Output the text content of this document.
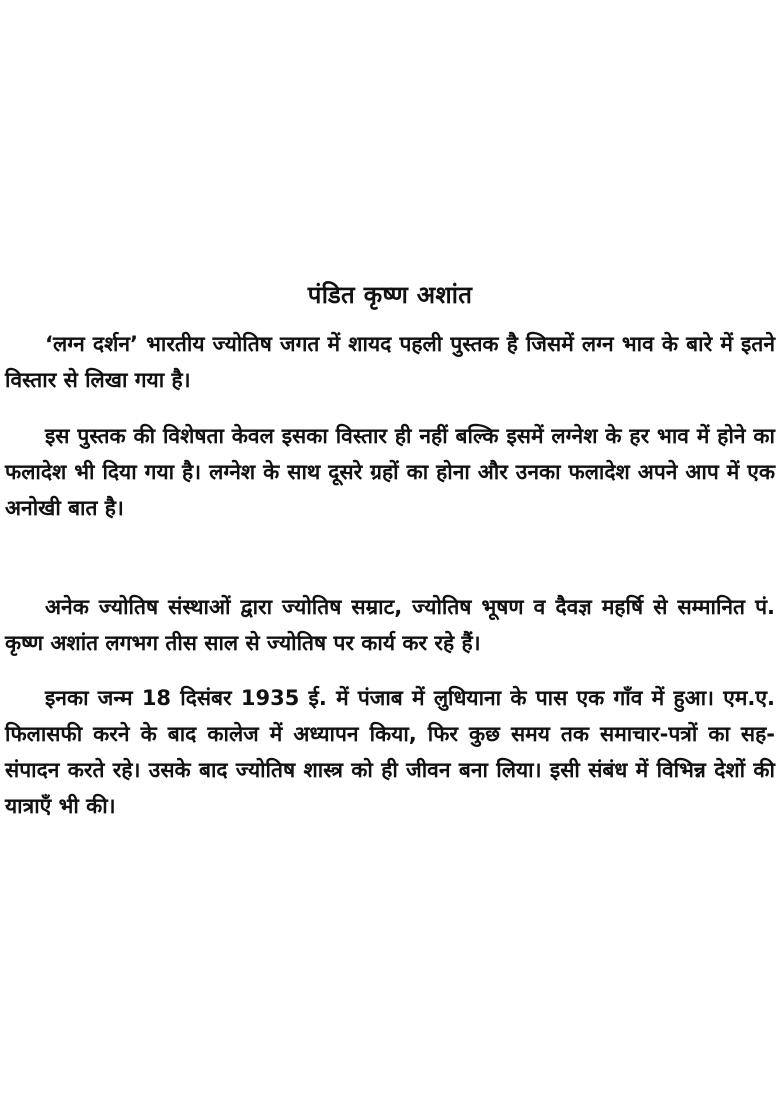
पंडित कृष्ण अशांत

‘लग्न दर्शन’ भारतीय ज्योतिष जगत में शायद पहली पुस्तक है जिसमें लग्न भाव के बारे में इतने विस्तार से लिखा गया है।

इस पुस्तक की विशेषता केवल इसका विस्तार ही नहीं बल्कि इसमें लग्नेश के हर भाव में होने का फलादेश भी दिया गया है। लग्नेश के साथ दूसरे ग्रहों का होना और उनका फलादेश अपने आप में एक अनोखी बात है।

अनेक ज्योतिष संस्थाओं द्वारा ज्योतिष सम्राट, ज्योतिष भूषण व दैवज्ञ महर्षि से सम्मानित पं. कृष्ण अशांत लगभग तीस साल से ज्योतिष पर कार्य कर रहे हैं।

इनका जन्म 18 दिसंबर 1935 ई. में पंजाब में लुधियाना के पास एक गाँव में हुआ। एम.ए. फिलासफी करने के बाद कालेज में अध्यापन किया, फिर कुछ समय तक समाचार-पत्रों का सह-संपादन करते रहे। उसके बाद ज्योतिष शास्त्र को ही जीवन बना लिया। इसी संबंध में विभिन्न देशों की यात्राएँ भी की।
